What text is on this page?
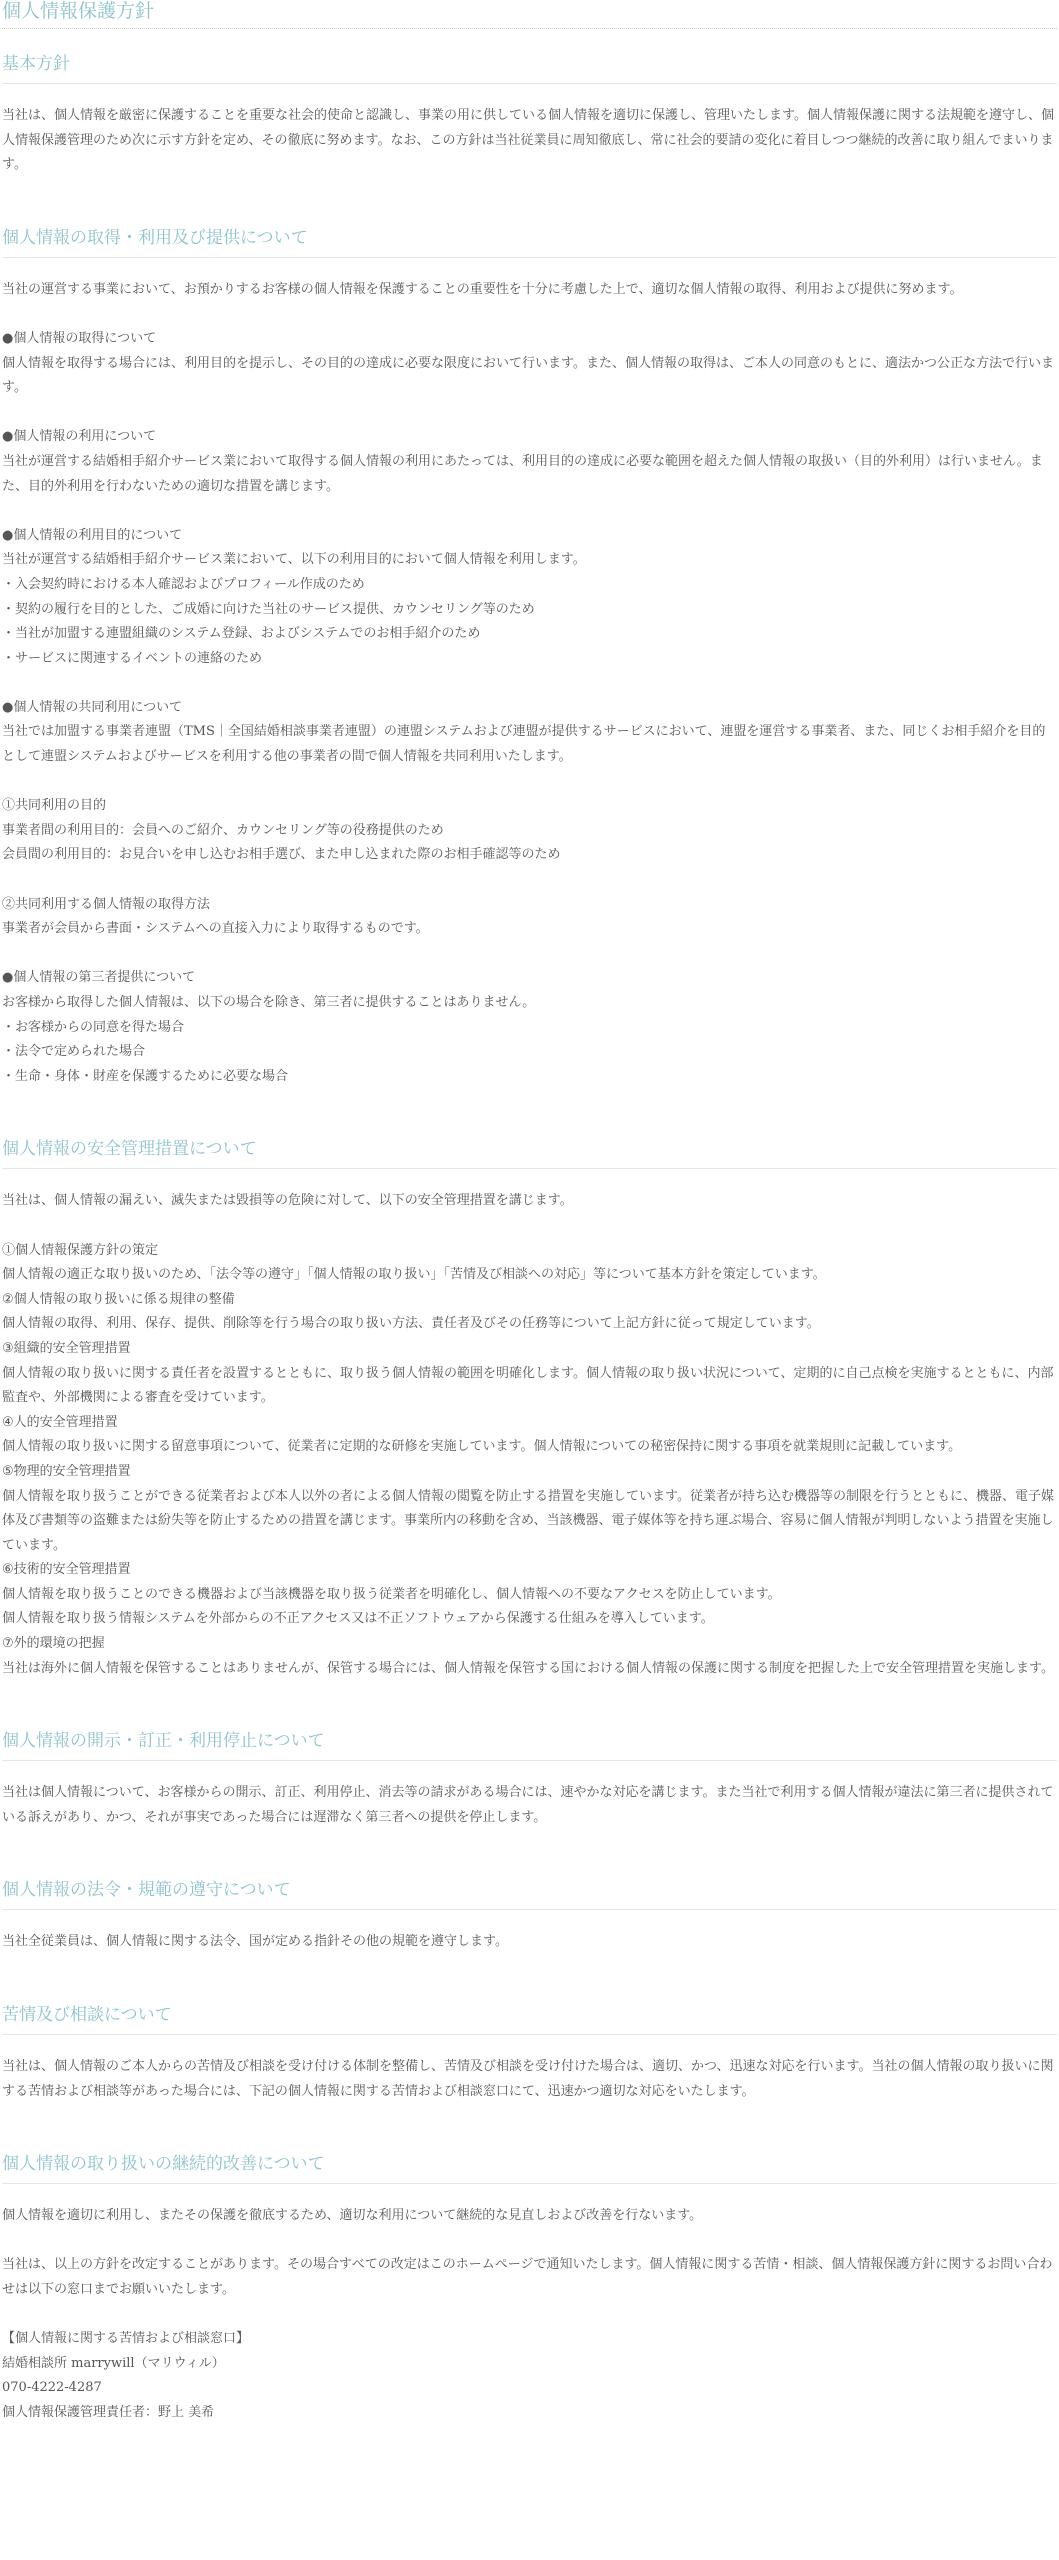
個人情報保護方針
基本方針

当社は、個人情報を厳密に保護することを重要な社会的使命と認識し、事業の用に供している個人情報を適切に保護し、管理いたします。個人情報保護に関する法規範を遵守し、個人情報保護管理のため次に示す方針を定め、その徹底に努めます。なお、この方針は当社従業員に周知徹底し、常に社会的要請の変化に着目しつつ継続的改善に取り組んでまいります。

個人情報の取得・利用及び提供について

当社の運営する事業において、お預かりするお客様の個人情報を保護することの重要性を十分に考慮した上で、適切な個人情報の取得、利用および提供に努めます。

●個人情報の取得について
個人情報を取得する場合には、利用目的を提示し、その目的の達成に必要な限度において行います。また、個人情報の取得は、ご本人の同意のもとに、適法かつ公正な方法で行います。

●個人情報の利用について
当社が運営する結婚相手紹介サービス業において取得する個人情報の利用にあたっては、利用目的の達成に必要な範囲を超えた個人情報の取扱い（目的外利用）は行いません。また、目的外利用を行わないための適切な措置を講じます。

●個人情報の利用目的について
当社が運営する結婚相手紹介サービス業において、以下の利用目的において個人情報を利用します。
・入会契約時における本人確認およびプロフィール作成のため
・契約の履行を目的とした、ご成婚に向けた当社のサービス提供、カウンセリング等のため
・当社が加盟する連盟組織のシステム登録、およびシステムでのお相手紹介のため
・サービスに関連するイベントの連絡のため

●個人情報の共同利用について
当社では加盟する事業者連盟（TMS｜全国結婚相談事業者連盟）の連盟システムおよび連盟が提供するサービスにおいて、連盟を運営する事業者、また、同じくお相手紹介を目的として連盟システムおよびサービスを利用する他の事業者の間で個人情報を共同利用いたします。

①共同利用の目的
事業者間の利用目的：会員へのご紹介、カウンセリング等の役務提供のため
会員間の利用目的：お見合いを申し込むお相手選び、また申し込まれた際のお相手確認等のため

②共同利用する個人情報の取得方法
事業者が会員から書面・システムへの直接入力により取得するものです。

●個人情報の第三者提供について
お客様から取得した個人情報は、以下の場合を除き、第三者に提供することはありません。
・お客様からの同意を得た場合
・法令で定められた場合
・生命・身体・財産を保護するために必要な場合

個人情報の安全管理措置について

当社は、個人情報の漏えい、滅失または毀損等の危険に対して、以下の安全管理措置を講じます。

①個人情報保護方針の策定
個人情報の適正な取り扱いのため、「法令等の遵守」「個人情報の取り扱い」「苦情及び相談への対応」等について基本方針を策定しています。
②個人情報の取り扱いに係る規律の整備
個人情報の取得、利用、保存、提供、削除等を行う場合の取り扱い方法、責任者及びその任務等について上記方針に従って規定しています。
③組織的安全管理措置
個人情報の取り扱いに関する責任者を設置するとともに、取り扱う個人情報の範囲を明確化します。個人情報の取り扱い状況について、定期的に自己点検を実施するとともに、内部監査や、外部機関による審査を受けています。
④人的安全管理措置
個人情報の取り扱いに関する留意事項について、従業者に定期的な研修を実施しています。個人情報についての秘密保持に関する事項を就業規則に記載しています。
⑤物理的安全管理措置
個人情報を取り扱うことができる従業者および本人以外の者による個人情報の閲覧を防止する措置を実施しています。従業者が持ち込む機器等の制限を行うとともに、機器、電子媒体及び書類等の盗難または紛失等を防止するための措置を講じます。事業所内の移動を含め、当該機器、電子媒体等を持ち運ぶ場合、容易に個人情報が判明しないよう措置を実施しています。
⑥技術的安全管理措置
個人情報を取り扱うことのできる機器および当該機器を取り扱う従業者を明確化し、個人情報への不要なアクセスを防止しています。
個人情報を取り扱う情報システムを外部からの不正アクセス又は不正ソフトウェアから保護する仕組みを導入しています。
⑦外的環境の把握
当社は海外に個人情報を保管することはありませんが、保管する場合には、個人情報を保管する国における個人情報の保護に関する制度を把握した上で安全管理措置を実施します。

個人情報の開示・訂正・利用停止について

当社は個人情報について、お客様からの開示、訂正、利用停止、消去等の請求がある場合には、速やかな対応を講じます。また当社で利用する個人情報が違法に第三者に提供されている訴えがあり、かつ、それが事実であった場合には遅滞なく第三者への提供を停止します。

個人情報の法令・規範の遵守について

当社全従業員は、個人情報に関する法令、国が定める指針その他の規範を遵守します。

苦情及び相談について

当社は、個人情報のご本人からの苦情及び相談を受け付ける体制を整備し、苦情及び相談を受け付けた場合は、適切、かつ、迅速な対応を行います。当社の個人情報の取り扱いに関する苦情および相談等があった場合には、下記の個人情報に関する苦情および相談窓口にて、迅速かつ適切な対応をいたします。

個人情報の取り扱いの継続的改善について

個人情報を適切に利用し、またその保護を徹底するため、適切な利用について継続的な見直しおよび改善を行ないます。

当社は、以上の方針を改定することがあります。その場合すべての改定はこのホームページで通知いたします。個人情報に関する苦情・相談、個人情報保護方針に関するお問い合わせは以下の窓口までお願いいたします。

【個人情報に関する苦情および相談窓口】
結婚相談所 marrywill（マリウィル）
070-4222-4287
個人情報保護管理責任者：野上 美希
